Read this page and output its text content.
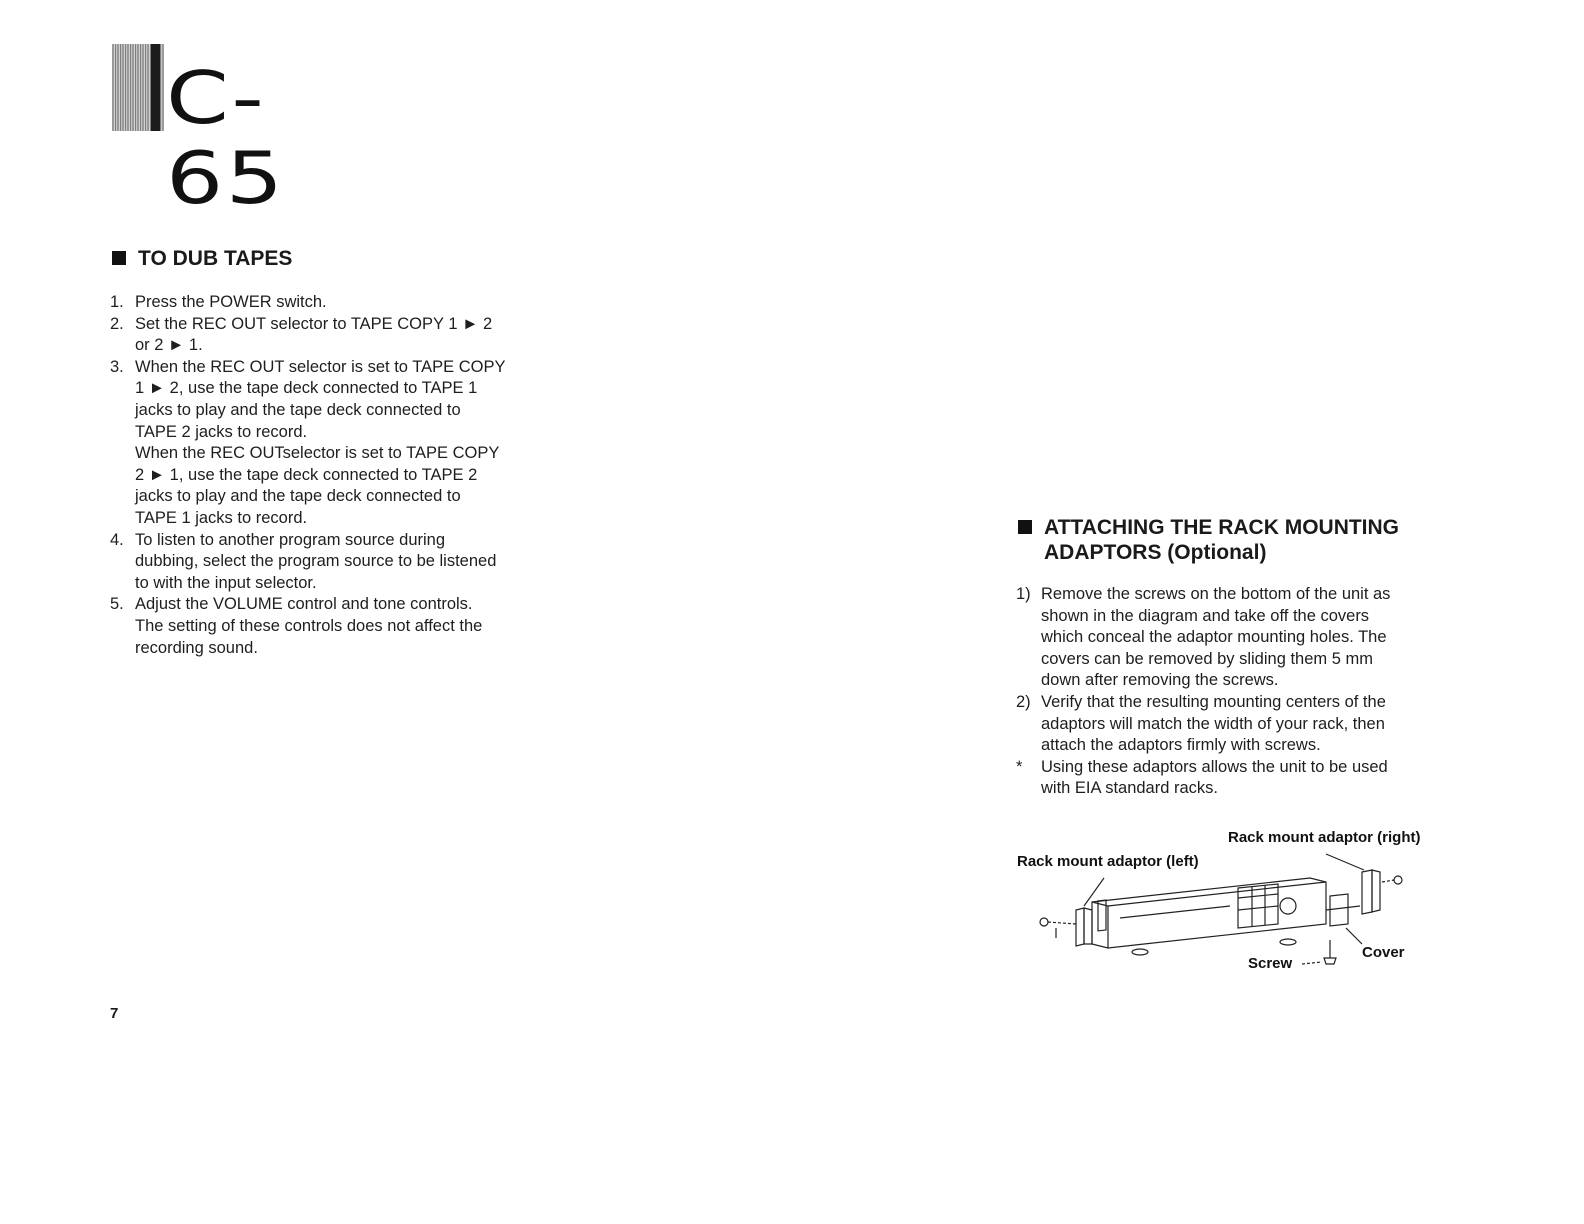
C-65
TO DUB TAPES
1. Press the POWER switch.
2. Set the REC OUT selector to TAPE COPY 1 ► 2
or 2 ► 1.
3. When the REC OUT selector is set to TAPE COPY
1 ► 2, use the tape deck connected to TAPE 1
jacks to play and the tape deck connected to
TAPE 2 jacks to record.
When the REC OUTselector is set to TAPE COPY
2 ► 1, use the tape deck connected to TAPE 2
jacks to play and the tape deck connected to
TAPE 1 jacks to record.
4. To listen to another program source during
dubbing, select the program source to be listened
to with the input selector.
5. Adjust the VOLUME control and tone controls.
The setting of these controls does not affect the
recording sound.
ATTACHING THE RACK MOUNTING
ADAPTORS (Optional)
1) Remove the screws on the bottom of the unit as
shown in the diagram and take off the covers
which conceal the adaptor mounting holes. The
covers can be removed by sliding them 5 mm
down after removing the screws.
2) Verify that the resulting mounting centers of the
adaptors will match the width of your rack, then
attach the adaptors firmly with screws.
*	Using these adaptors allows the unit to be used
with EIA standard racks.
Rack mount adaptor (right)
Rack mount adaptor (left)
Cover
Screw
7
